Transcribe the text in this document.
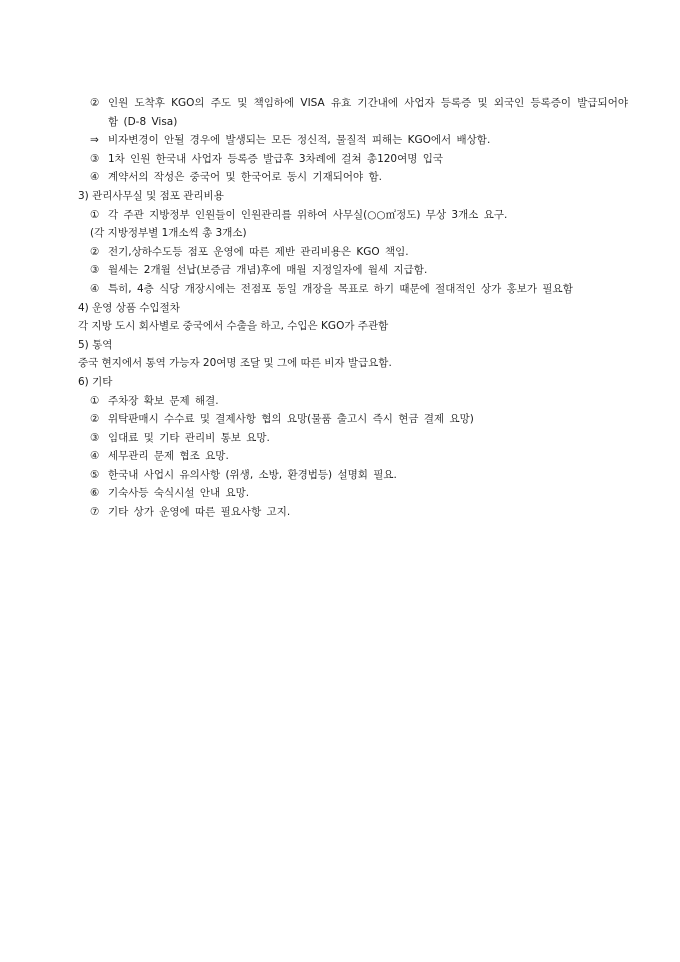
② 인원 도착후 KGO의 주도 및 책임하에 VISA 유효 기간내에 사업자 등록증 및 외국인 등록증이 발급되어야 함 (D-8 Visa)
⇒ 비자변경이 안될 경우에 발생되는 모든 정신적, 물질적 피해는 KGO에서 배상함.
③ 1차 인원 한국내 사업자 등록증 발급후 3차례에 걸쳐 총120여명 입국
④ 계약서의 작성은 중국어 및 한국어로 동시 기재되어야 함.
3) 관리사무실 및 점포 관리비용
① 각 주관 지방정부 인원들이 인원관리를 위하여 사무실(○○㎡정도) 무상 3개소 요구.
(각 지방정부별 1개소씩 총 3개소)
② 전기,상하수도등 점포 운영에 따른 제반 관리비용은 KGO 책임.
③ 월세는 2개월 선납(보증금 개념)후에 매월 지정일자에 월세 지급함.
④ 특히, 4층 식당 개장시에는 전점포 동일 개장을 목표로 하기 때문에 절대적인 상가 홍보가 필요함
4) 운영 상품 수입절차
각 지방 도시 회사별로 중국에서 수출을 하고, 수입은 KGO가 주관함
5) 통역
중국 현지에서 통역 가능자 20여명 조달 및 그에 따른 비자 발급요함.
6) 기타
① 주차장 확보 문제 해결.
② 위탁판매시 수수료 및 결제사항 협의 요망(물품 출고시 즉시 현금 결제 요망)
③ 임대료 및 기타 관리비 통보 요망.
④ 세무관리 문제 협조 요망.
⑤ 한국내 사업시 유의사항 (위생, 소방, 환경법등) 설명회 필요.
⑥ 기숙사등 숙식시설 안내 요망.
⑦ 기타 상가 운영에 따른 필요사항 고지.
